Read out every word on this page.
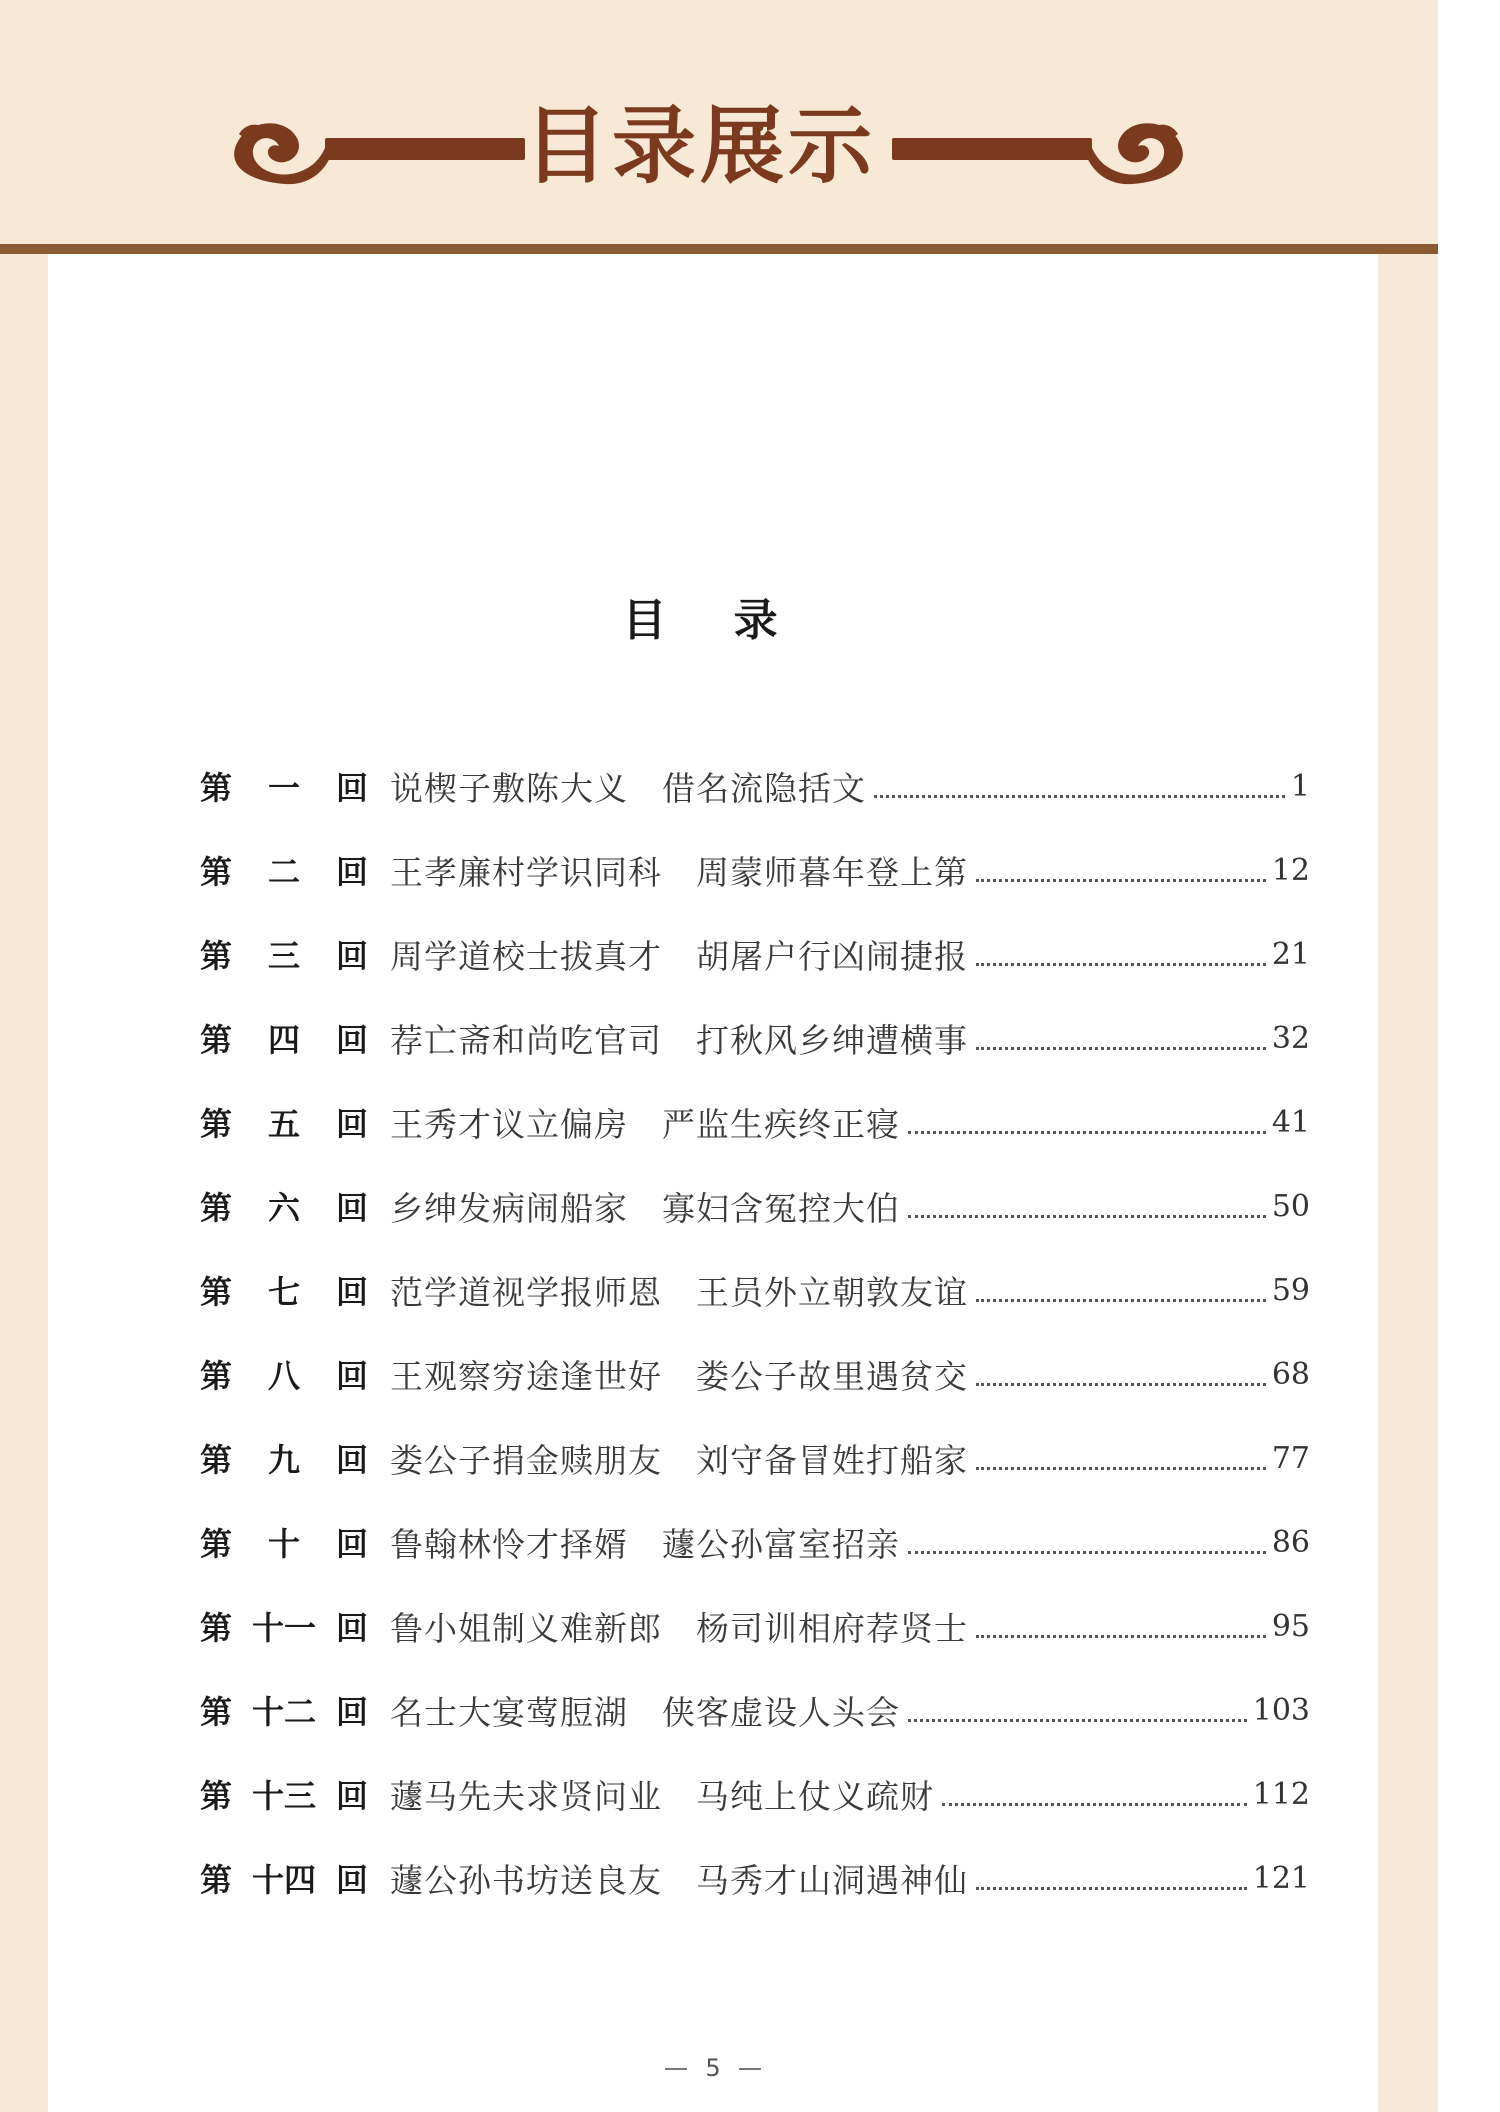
目录展示
目 录
第 一 回 说楔子敷陈大义 借名流隐括文	1
第 二 回 王孝廉村学识同科 周蒙师暮年登上第	12
第 三 回 周学道校士拔真才 胡屠户行凶闹捷报	21
第 四 回 荐亡斋和尚吃官司 打秋风乡绅遭横事	32
第 五 回 王秀才议立偏房 严监生疾终正寝	41
第 六 回 乡绅发病闹船家 寡妇含冤控大伯	50
第 七 回 范学道视学报师恩 王员外立朝敦友谊	59
第 八 回 王观察穷途逢世好 娄公子故里遇贫交	68
第 九 回 娄公子捐金赎朋友 刘守备冒姓打船家	77
第 十 回 鲁翰林怜才择婿 蘧公孙富室招亲	86
第 十一 回 鲁小姐制义难新郎 杨司训相府荐贤士	95
第 十二 回 名士大宴莺脰湖 侠客虚设人头会	103
第 十三 回 蘧马先夫求贤问业 马纯上仗义疏财	112
第 十四 回 蘧公孙书坊送良友 马秀才山洞遇神仙	121
5
